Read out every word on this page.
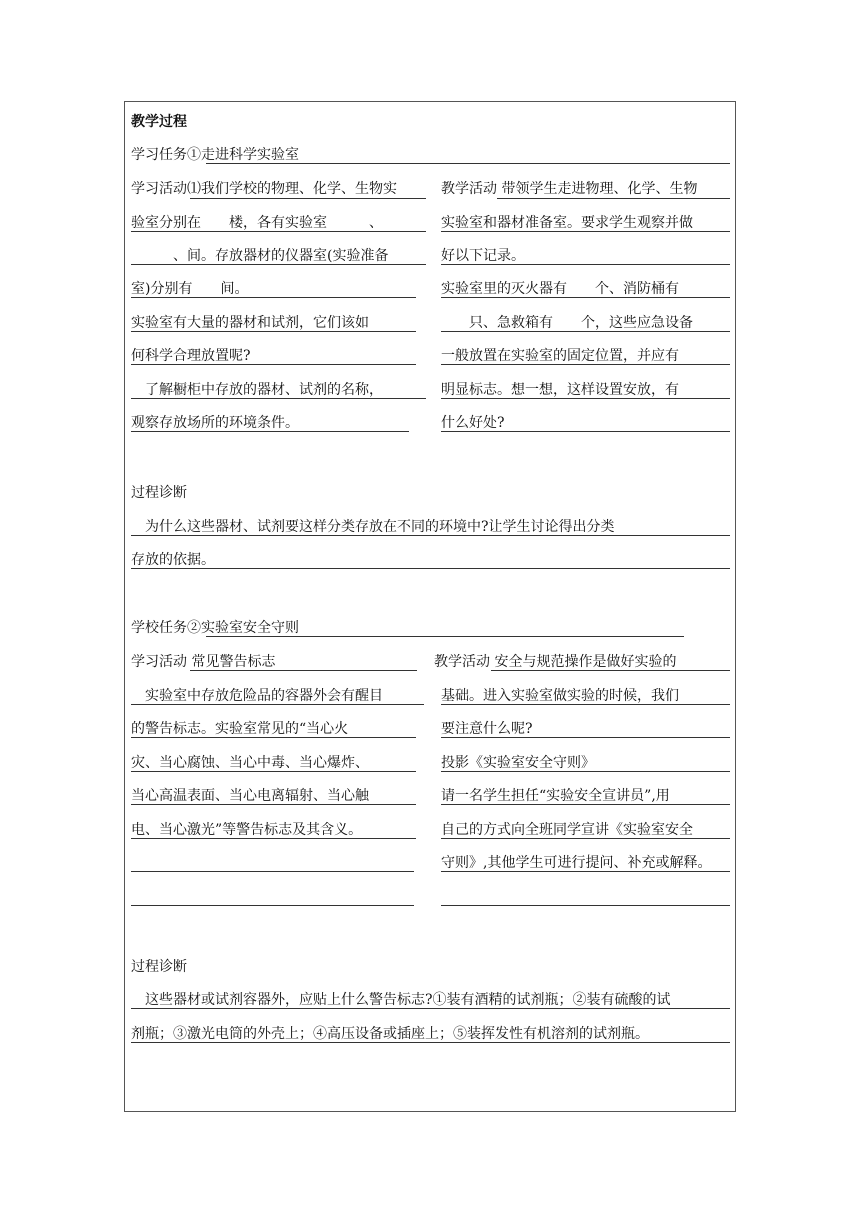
教学过程
学习任务①走进科学实验室
学习活动⑴我们学校的物理、化学、生物实
验室分别在　　楼，各有实验室　　　、
　　　、间。存放器材的仪器室(实验准备
室)分别有　　间。
实验室有大量的器材和试剂，它们该如
何科学合理放置呢?
　了解橱柜中存放的器材、试剂的名称，
观察存放场所的环境条件。
教学活动 带领学生走进物理、化学、生物
实验室和器材准备室。要求学生观察并做
好以下记录。
实验室里的灭火器有　　个、消防桶有
　　只、急救箱有　　个，这些应急设备
一般放置在实验室的固定位置，并应有
明显标志。想一想，这样设置安放，有
什么好处?
过程诊断
　为什么这些器材、试剂要这样分类存放在不同的环境中?让学生讨论得出分类
存放的依据。
学校任务②实验室安全守则
学习活动 常见警告标志
　实验室中存放危险品的容器外会有醒目
的警告标志。实验室常见的“当心火
灾、当心腐蚀、当心中毒、当心爆炸、
当心高温表面、当心电离辐射、当心触
电、当心激光”等警告标志及其含义。
教学活动 安全与规范操作是做好实验的
基础。进入实验室做实验的时候，我们
要注意什么呢?
投影《实验室安全守则》
请一名学生担任“实验安全宣讲员”,用
自己的方式向全班同学宣讲《实验室安全
守则》,其他学生可进行提问、补充或解释。
过程诊断
　这些器材或试剂容器外，应贴上什么警告标志?①装有酒精的试剂瓶；②装有硫酸的试
剂瓶；③激光电筒的外壳上；④高压设备或插座上；⑤装挥发性有机溶剂的试剂瓶。
